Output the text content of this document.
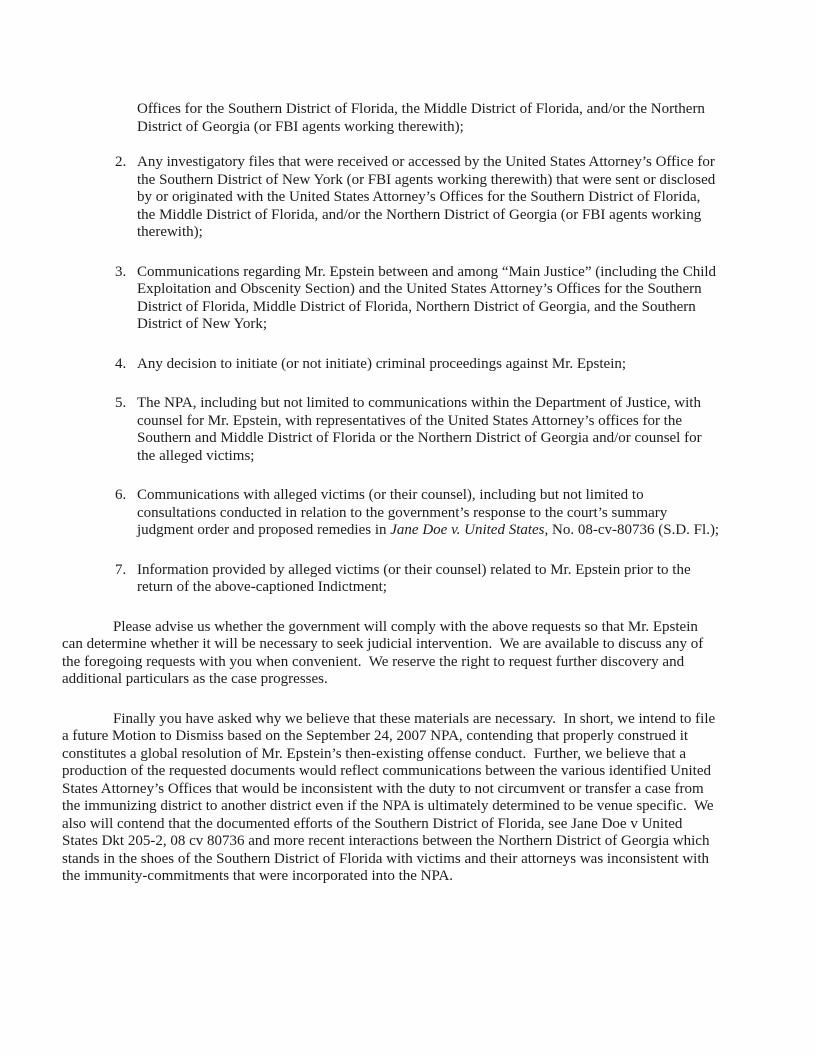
Offices for the Southern District of Florida, the Middle District of Florida, and/or the Northern District of Georgia (or FBI agents working therewith);
2. Any investigatory files that were received or accessed by the United States Attorney’s Office for the Southern District of New York (or FBI agents working therewith) that were sent or disclosed by or originated with the United States Attorney’s Offices for the Southern District of Florida, the Middle District of Florida, and/or the Northern District of Georgia (or FBI agents working therewith);
3. Communications regarding Mr. Epstein between and among “Main Justice” (including the Child Exploitation and Obscenity Section) and the United States Attorney’s Offices for the Southern District of Florida, Middle District of Florida, Northern District of Georgia, and the Southern District of New York;
4. Any decision to initiate (or not initiate) criminal proceedings against Mr. Epstein;
5. The NPA, including but not limited to communications within the Department of Justice, with counsel for Mr. Epstein, with representatives of the United States Attorney’s offices for the Southern and Middle District of Florida or the Northern District of Georgia and/or counsel for the alleged victims;
6. Communications with alleged victims (or their counsel), including but not limited to consultations conducted in relation to the government’s response to the court’s summary judgment order and proposed remedies in Jane Doe v. United States, No. 08-cv-80736 (S.D. Fl.);
7. Information provided by alleged victims (or their counsel) related to Mr. Epstein prior to the return of the above-captioned Indictment;

Please advise us whether the government will comply with the above requests so that Mr. Epstein can determine whether it will be necessary to seek judicial intervention.  We are available to discuss any of the foregoing requests with you when convenient.  We reserve the right to request further discovery and additional particulars as the case progresses.

Finally you have asked why we believe that these materials are necessary.  In short, we intend to file a future Motion to Dismiss based on the September 24, 2007 NPA, contending that properly construed it constitutes a global resolution of Mr. Epstein’s then-existing offense conduct.  Further, we believe that a production of the requested documents would reflect communications between the various identified United States Attorney’s Offices that would be inconsistent with the duty to not circumvent or transfer a case from the immunizing district to another district even if the NPA is ultimately determined to be venue specific.  We also will contend that the documented efforts of the Southern District of Florida, see Jane Doe v United States Dkt 205-2, 08 cv 80736 and more recent interactions between the Northern District of Georgia which stands in the shoes of the Southern District of Florida with victims and their attorneys was inconsistent with the immunity-commitments that were incorporated into the NPA.
